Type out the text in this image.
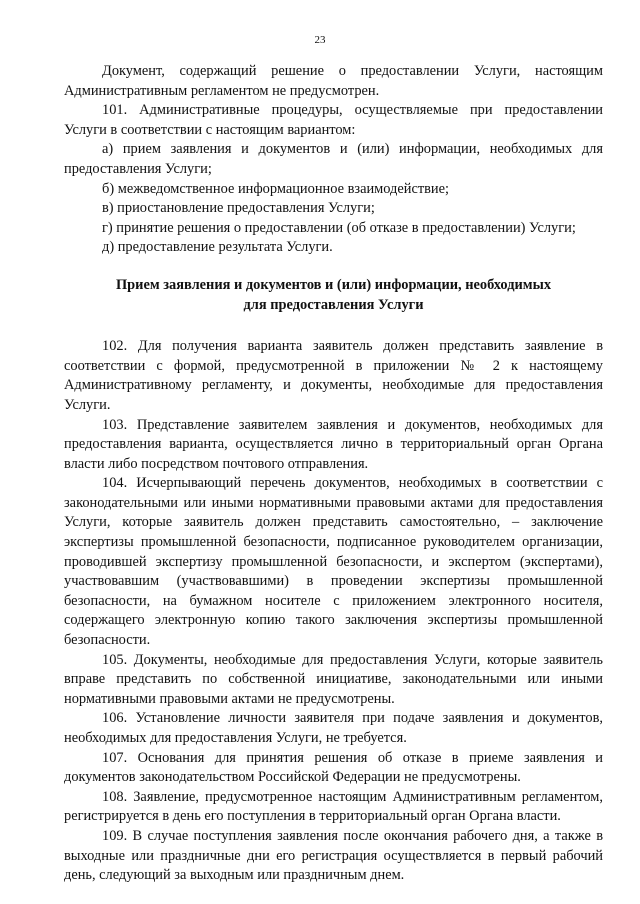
23

Документ, содержащий решение о предоставлении Услуги, настоящим Административным регламентом не предусмотрен.

101. Административные процедуры, осуществляемые при предоставлении Услуги в соответствии с настоящим вариантом:

а) прием заявления и документов и (или) информации, необходимых для предоставления Услуги;

б) межведомственное информационное взаимодействие;

в) приостановление предоставления Услуги;

г) принятие решения о предоставлении (об отказе в предоставлении) Услуги;

д) предоставление результата Услуги.

Прием заявления и документов и (или) информации, необходимых
для предоставления Услуги

102. Для получения варианта заявитель должен представить заявление в соответствии с формой, предусмотренной в приложении № 2 к настоящему Административному регламенту, и документы, необходимые для предоставления Услуги.

103. Представление заявителем заявления и документов, необходимых для предоставления варианта, осуществляется лично в территориальный орган Органа власти либо посредством почтового отправления.

104. Исчерпывающий перечень документов, необходимых в соответствии с законодательными или иными нормативными правовыми актами для предоставления Услуги, которые заявитель должен представить самостоятельно, – заключение экспертизы промышленной безопасности, подписанное руководителем организации, проводившей экспертизу промышленной безопасности, и экспертом (экспертами), участвовавшим (участвовавшими) в проведении экспертизы промышленной безопасности, на бумажном носителе с приложением электронного носителя, содержащего электронную копию такого заключения экспертизы промышленной безопасности.

105. Документы, необходимые для предоставления Услуги, которые заявитель вправе представить по собственной инициативе, законодательными или иными нормативными правовыми актами не предусмотрены.

106. Установление личности заявителя при подаче заявления и документов, необходимых для предоставления Услуги, не требуется.

107. Основания для принятия решения об отказе в приеме заявления и документов законодательством Российской Федерации не предусмотрены.

108. Заявление, предусмотренное настоящим Административным регламентом, регистрируется в день его поступления в территориальный орган Органа власти.

109. В случае поступления заявления после окончания рабочего дня, а также в выходные или праздничные дни его регистрация осуществляется в первый рабочий день, следующий за выходным или праздничным днем.
